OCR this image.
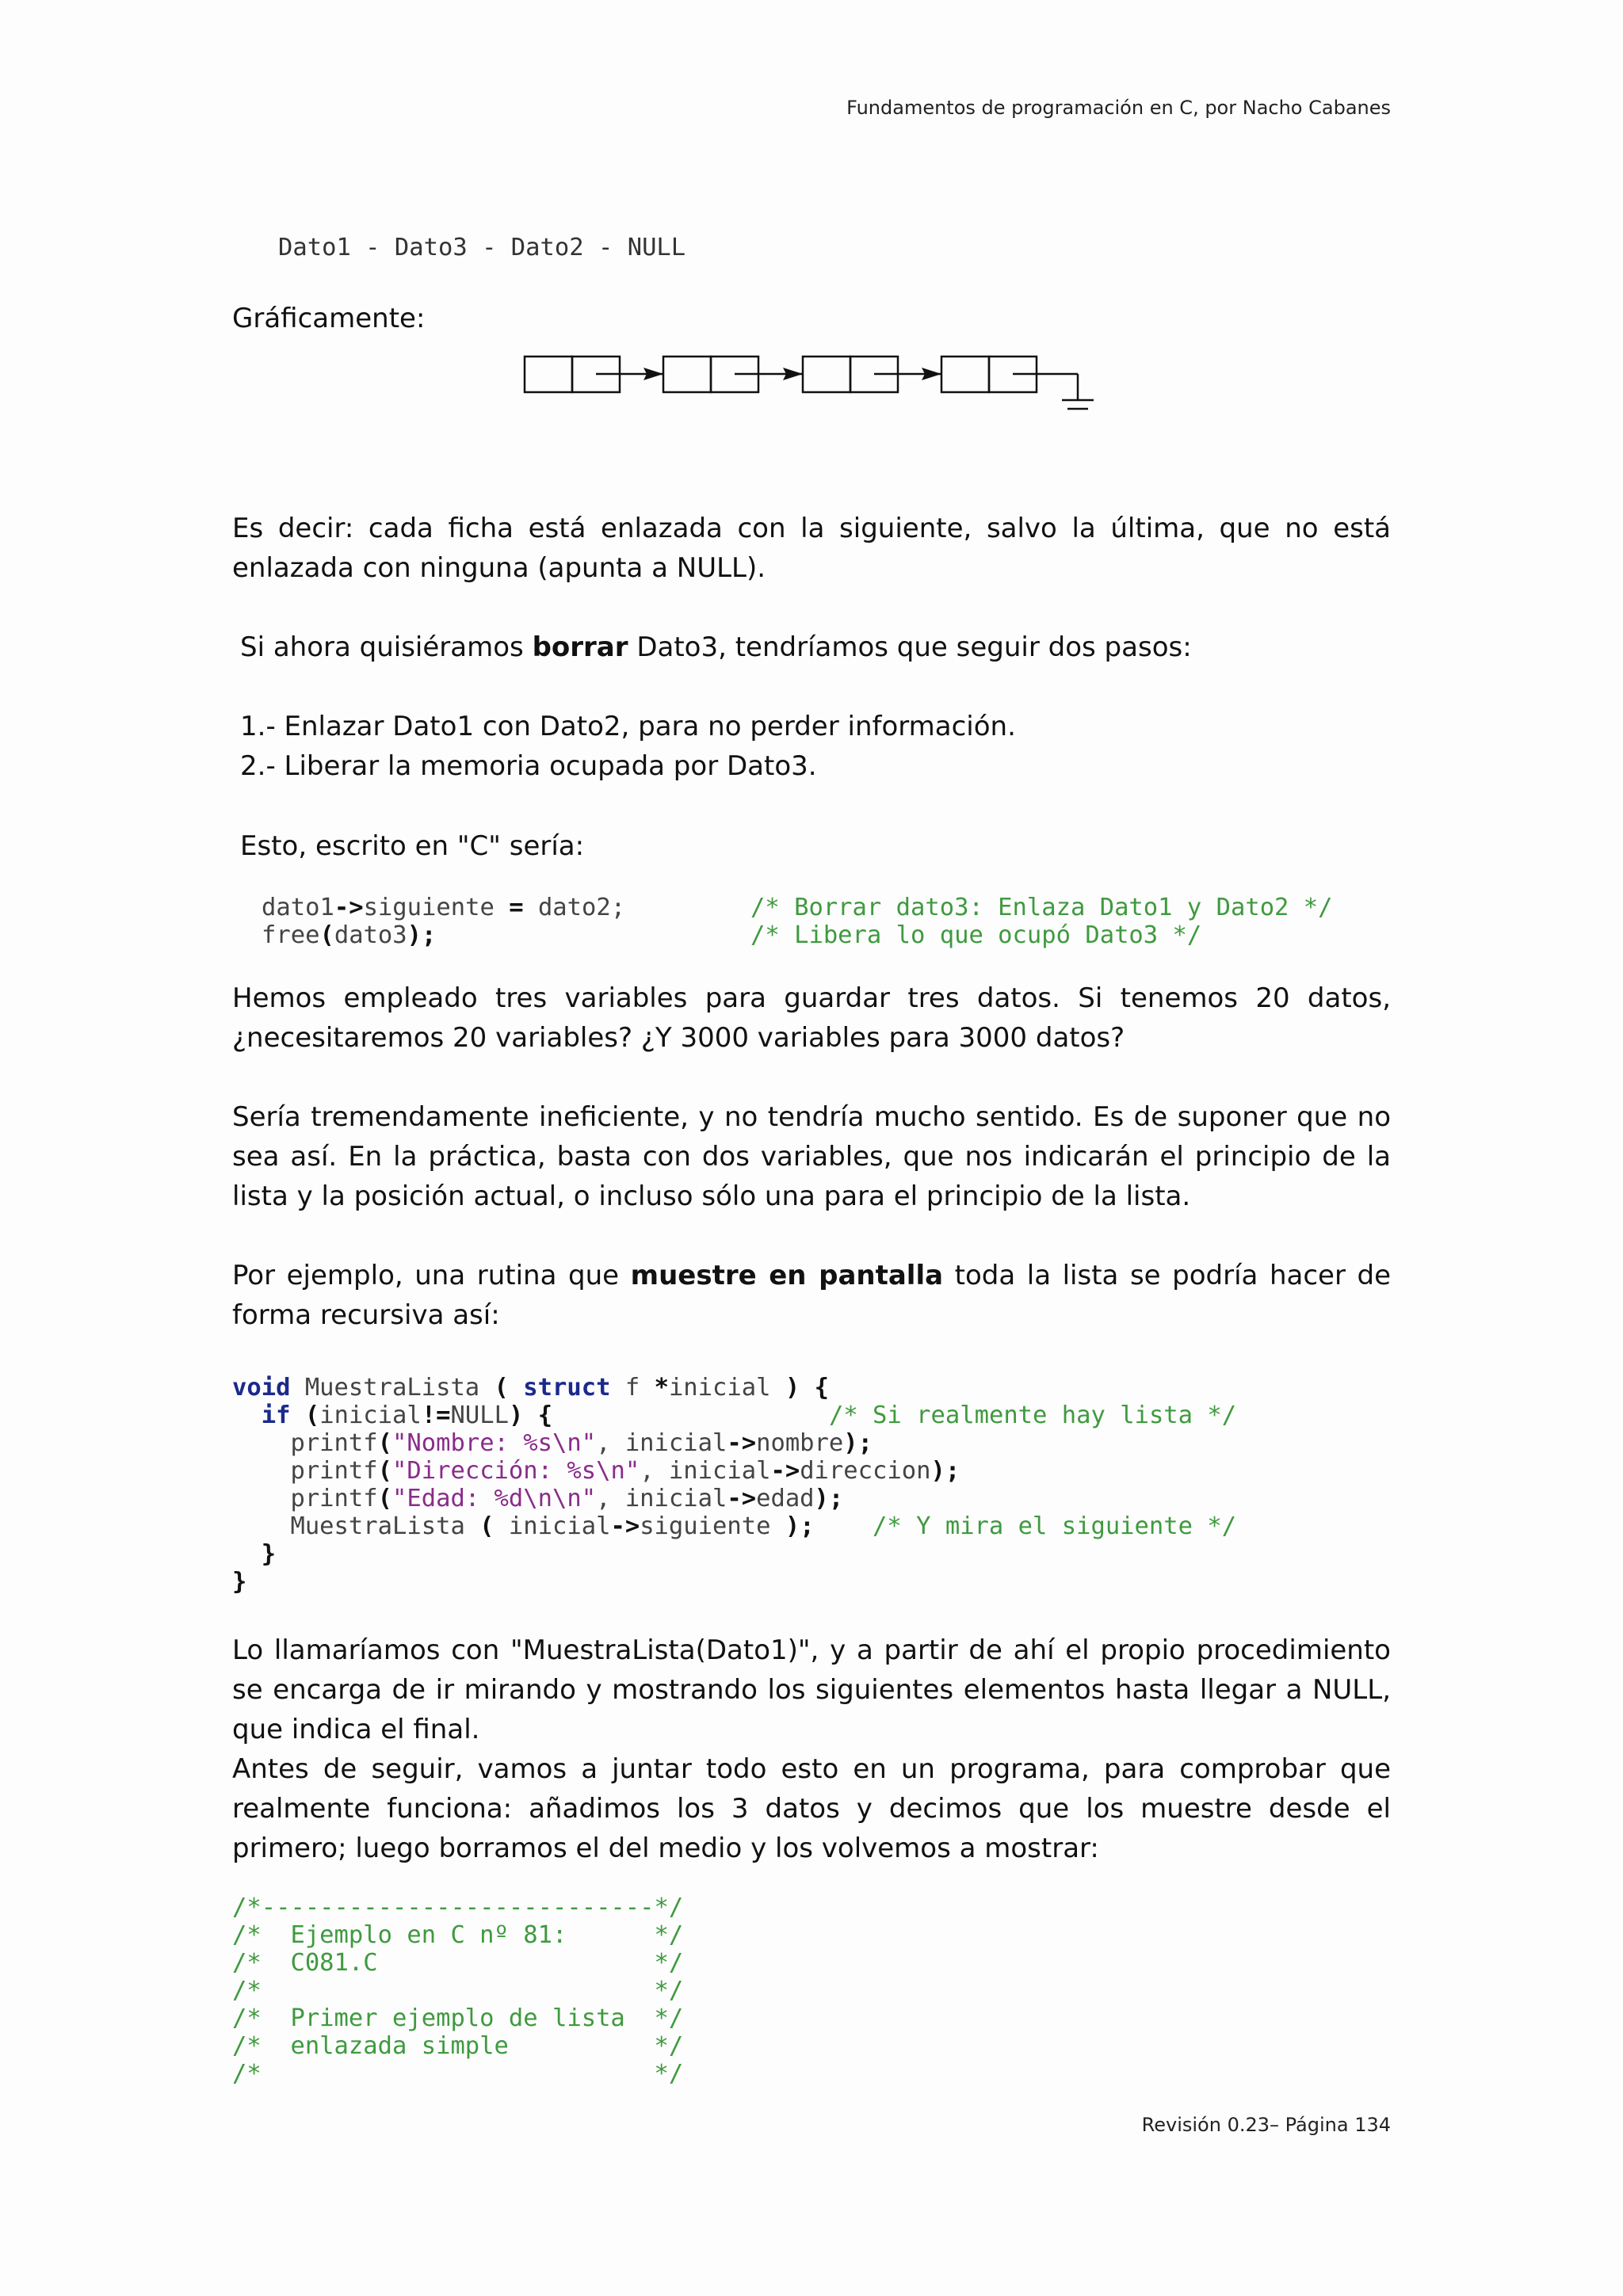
Fundamentos de programación en C, por Nacho Cabanes
Dato1 - Dato3 - Dato2 - NULL

Gráficamente:

Es decir: cada ficha está enlazada con la siguiente, salvo la última, que no está enlazada con ninguna (apunta a NULL).

Si ahora quisiéramos borrar Dato3, tendríamos que seguir dos pasos:

1.- Enlazar Dato1 con Dato2, para no perder información.

2.- Liberar la memoria ocupada por Dato3.

Esto, escrito en "C" sería:

dato1->siguiente = dato2;
free(dato3);
/* Borrar dato3: Enlaza Dato1 y Dato2 */
/* Libera lo que ocupó Dato3 */

Hemos empleado tres variables para guardar tres datos. Si tenemos 20 datos, ¿necesitaremos 20 variables? ¿Y 3000 variables para 3000 datos?

Sería tremendamente ineficiente, y no tendría mucho sentido. Es de suponer que no sea así. En la práctica, basta con dos variables, que nos indicarán el principio de la lista y la posición actual, o incluso sólo una para el principio de la lista.

Por ejemplo, una rutina que muestre en pantalla toda la lista se podría hacer de forma recursiva así:

void MuestraLista ( struct f *inicial ) {
if (inicial!=NULL) {	/* Si realmente hay lista */
printf("Nombre: %s\n", inicial->nombre);
printf("Dirección: %s\n", inicial->direccion);
printf("Edad: %d\n\n", inicial->edad);
MuestraLista ( inicial->siguiente ); /* Y mira el siguiente */
}
}

Lo llamaríamos con "MuestraLista(Dato1)", y a partir de ahí el propio procedimiento se encarga de ir mirando y mostrando los siguientes elementos hasta llegar a NULL, que indica el final.

Antes de seguir, vamos a juntar todo esto en un programa, para comprobar que realmente funciona: añadimos los 3 datos y decimos que los muestre desde el primero; luego borramos el del medio y los volvemos a mostrar:

/*---------------------------*/
/*  Ejemplo en C nº 81:      */
/*  C081.C                   */
/*                           */
/*  Primer ejemplo de lista  */
/*  enlazada simple          */
/*                           */
Revisión 0.23– Página 134
